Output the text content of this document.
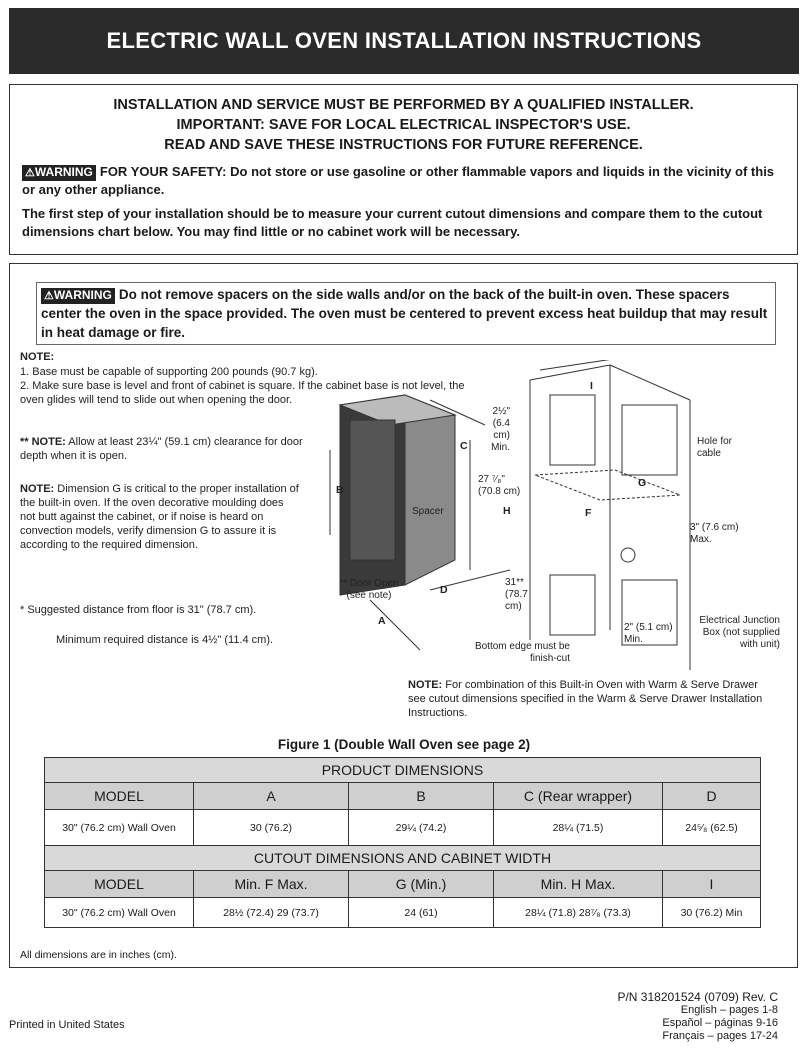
ELECTRIC WALL OVEN INSTALLATION INSTRUCTIONS
INSTALLATION AND SERVICE MUST BE PERFORMED BY A QUALIFIED INSTALLER.
IMPORTANT: SAVE FOR LOCAL ELECTRICAL INSPECTOR'S USE.
READ AND SAVE THESE INSTRUCTIONS FOR FUTURE REFERENCE.
⚠WARNING FOR YOUR SAFETY: Do not store or use gasoline or other flammable vapors and liquids in the vicinity of this or any other appliance.
The first step of your installation should be to measure your current cutout dimensions and compare them to the cutout dimensions chart below. You may find little or no cabinet work will be necessary.
⚠WARNING Do not remove spacers on the side walls and/or on the back of the built-in oven. These spacers center the oven in the space provided. The oven must be centered to prevent excess heat buildup that may result in heat damage or fire.
NOTE:
1. Base must be capable of supporting 200 pounds (90.7 kg).
2. Make sure base is level and front of cabinet is square. If the cabinet base is not level, the oven glides will tend to slide out when opening the door.
** NOTE: Allow at least 23¼" (59.1 cm) clearance for door depth when it is open.
NOTE: Dimension G is critical to the proper installation of the built-in oven. If the oven decorative moulding does not butt against the cabinet, or if noise is heard on convection models, verify dimension G to assure it is according to the required dimension.
* Suggested distance from floor is 31" (78.7 cm).
Minimum required distance is 4½" (11.4 cm).
B
C
A
D
H	F
G
I
Spacer
** Door Open (see note)
2½" (6.4 cm) Min.
27 ⁷⁄₈" (70.8 cm)
31** (78.7 cm)
2" (5.1 cm) Min.
3" (7.6 cm) Max.
Hole for cable
Electrical Junction Box (not supplied with unit)
Bottom edge must be finish-cut
NOTE: For combination of this Built-in Oven with Warm & Serve Drawer see cutout dimensions specified in the Warm & Serve Drawer Installation Instructions.
Figure 1 (Double Wall Oven see page 2)
PRODUCT DIMENSIONS				
MODEL	A	B	C (Rear wrapper)	D
30" (76.2 cm) Wall Oven	30 (76.2)	29¼ (74.2)	28¼ (71.5)	24⁵⁄₈ (62.5)
CUTOUT DIMENSIONS AND CABINET WIDTH				
MODEL	Min. F Max.	G (Min.)	Min. H Max.	I
30" (76.2 cm) Wall Oven	28½ (72.4) 29 (73.7)	24 (61)	28¼ (71.8) 28⁷⁄₈ (73.3)	30 (76.2) Min
All dimensions are in inches (cm).
P/N 318201524 (0709) Rev. C
English – pages 1-8
Español – páginas 9-16
Français – pages 17-24
Printed in United States
